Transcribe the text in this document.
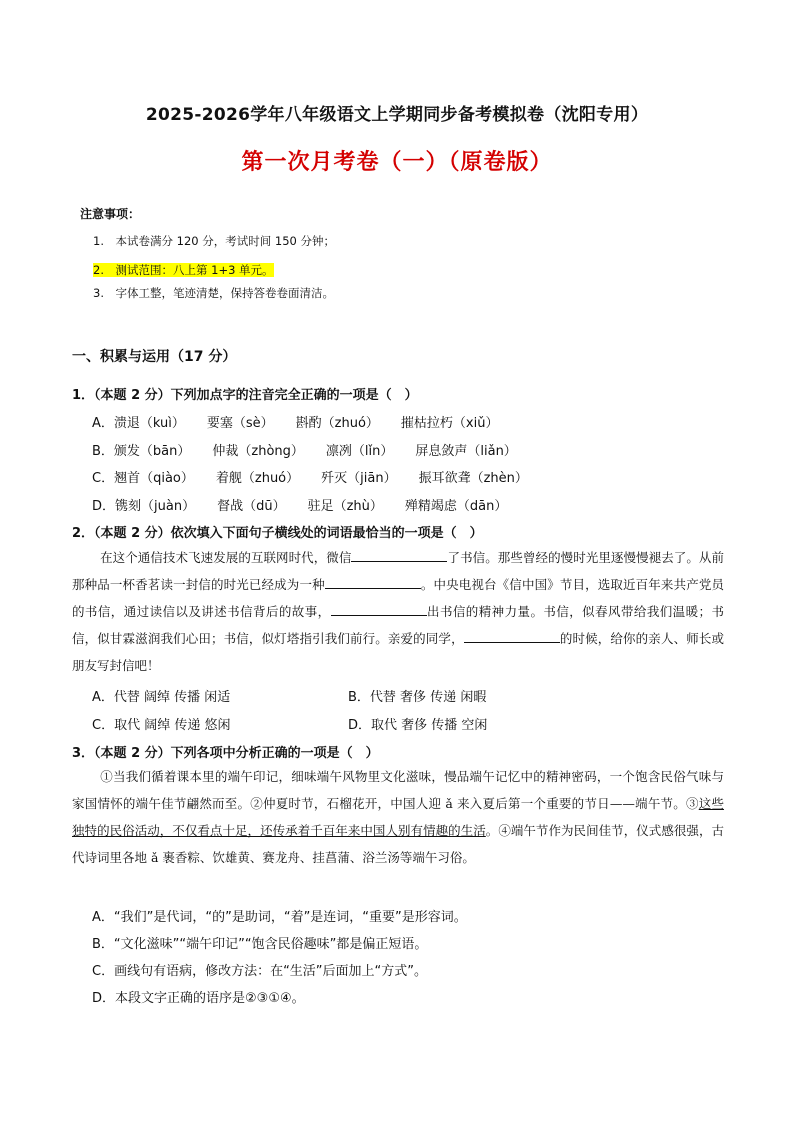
2025-2026学年八年级语文上学期同步备考模拟卷（沈阳专用）
第一次月考卷（一）（原卷版）
注意事项：
1.　本试卷满分 120 分，考试时间 150 分钟；
2.　测试范围：八上第 1+3 单元。
3.　字体工整，笔迹清楚，保持答卷卷面清洁。
一、积累与运用（17 分）
1．（本题 2 分）下列加点字的注音完全正确的一项是（　）
A．溃退（kuì） 要塞（sè） 斟酌（zhuó） 摧枯拉朽（xiǔ）
B．颁发（bān） 仲裁（zhòng） 凛冽（lǐn） 屏息敛声（liǎn）
C．翘首（qiào） 着舰（zhuó） 歼灭（jiān） 振耳欲聋（zhèn）
D．镌刻（juàn） 督战（dū） 驻足（zhù） 殚精竭虑（dān）
2．（本题 2 分）依次填入下面句子横线处的词语最恰当的一项是（　）
在这个通信技术飞速发展的互联网时代，微信	了书信。那些曾经的慢时光里逐慢慢褪去了。从前那种品一杯香茗读一封信的时光已经成为一种	。中央电视台《信中国》节目，选取近百年来共产党员的书信，通过读信以及讲述书信背后的故事，	出书信的精神力量。书信，似春风带给我们温暖；书信，似甘霖滋润我们心田；书信，似灯塔指引我们前行。亲爱的同学，	的时候，给你的亲人、师长或朋友写封信吧！
A．代替 阔绰 传播 闲适	B．代替 奢侈 传递 闲暇
C．取代 阔绰 传递 悠闲	D．取代 奢侈 传播 空闲
3．（本题 2 分）下列各项中分析正确的一项是（　）
①当我们循着课本里的端午印记，细味端午风物里文化滋味，慢品端午记忆中的精神密码，一个饱含民俗气味与家国情怀的端午佳节翩然而至。②仲夏时节，石榴花开，中国人迎 ǎ 来入夏后第一个重要的节日——端午节。③这些独特的民俗活动，不仅看点十足，还传承着千百年来中国人别有情趣的生活。④端午节作为民间佳节，仪式感很强，古代诗词里各地 ǎ 裹香粽、饮雄黄、赛龙舟、挂菖蒲、浴兰汤等端午习俗。
A．“我们”是代词，“的”是助词，“着”是连词，“重要”是形容词。
B．“文化滋味”“端午印记”“饱含民俗趣味”都是偏正短语。
C．画线句有语病，修改方法：在“生活”后面加上“方式”。
D．本段文字正确的语序是②③①④。
